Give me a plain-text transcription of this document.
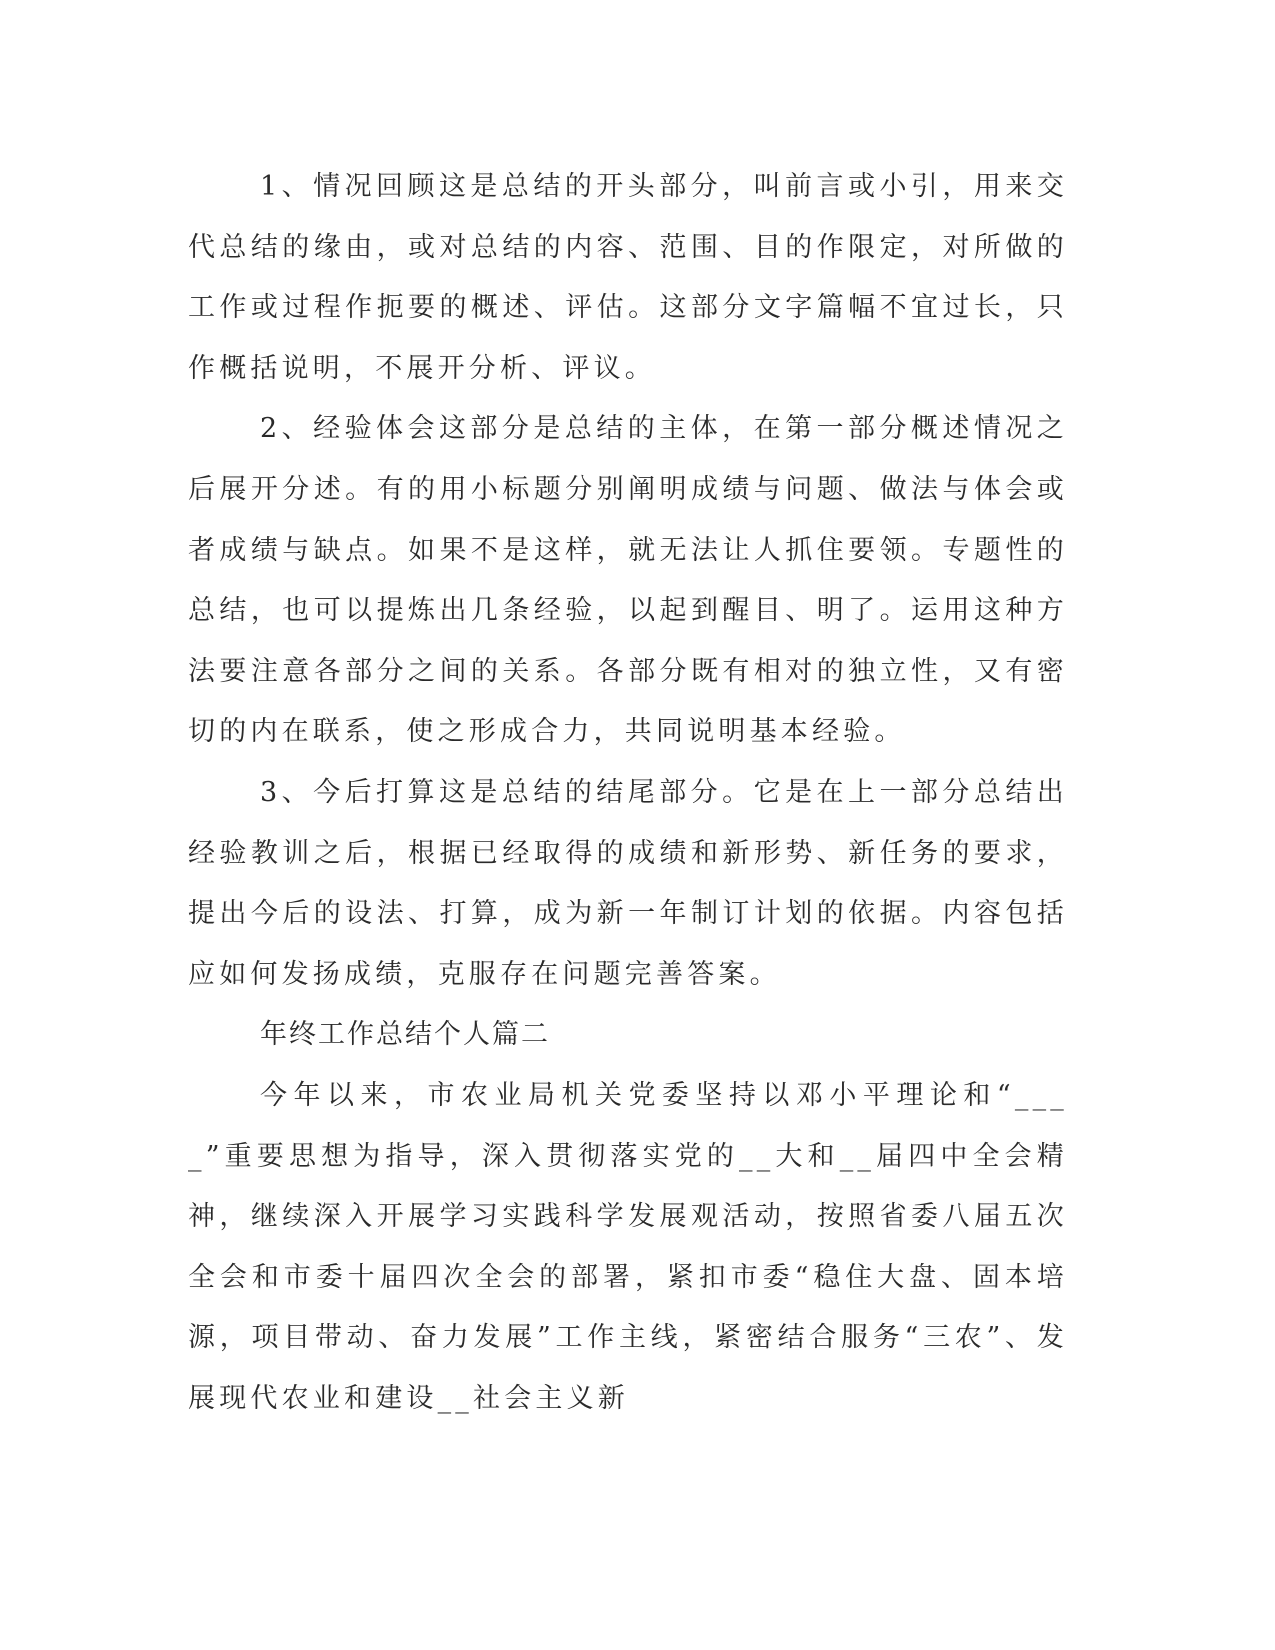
1、情况回顾这是总结的开头部分，叫前言或小引，用来交代总结的缘由，或对总结的内容、范围、目的作限定，对所做的工作或过程作扼要的概述、评估。这部分文字篇幅不宜过长，只作概括说明，不展开分析、评议。

2、经验体会这部分是总结的主体，在第一部分概述情况之后展开分述。有的用小标题分别阐明成绩与问题、做法与体会或者成绩与缺点。如果不是这样，就无法让人抓住要领。专题性的总结，也可以提炼出几条经验，以起到醒目、明了。运用这种方法要注意各部分之间的关系。各部分既有相对的独立性，又有密切的内在联系，使之形成合力，共同说明基本经验。

3、今后打算这是总结的结尾部分。它是在上一部分总结出经验教训之后，根据已经取得的成绩和新形势、新任务的要求，提出今后的设法、打算，成为新一年制订计划的依据。内容包括应如何发扬成绩，克服存在问题完善答案。

年终工作总结个人篇二

今年以来，市农业局机关党委坚持以邓小平理论和“____”重要思想为指导，深入贯彻落实党的__大和__届四中全会精神，继续深入开展学习实践科学发展观活动，按照省委八届五次全会和市委十届四次全会的部署，紧扣市委“稳住大盘、固本培源，项目带动、奋力发展”工作主线，紧密结合服务“三农”、发展现代农业和建设__社会主义新
